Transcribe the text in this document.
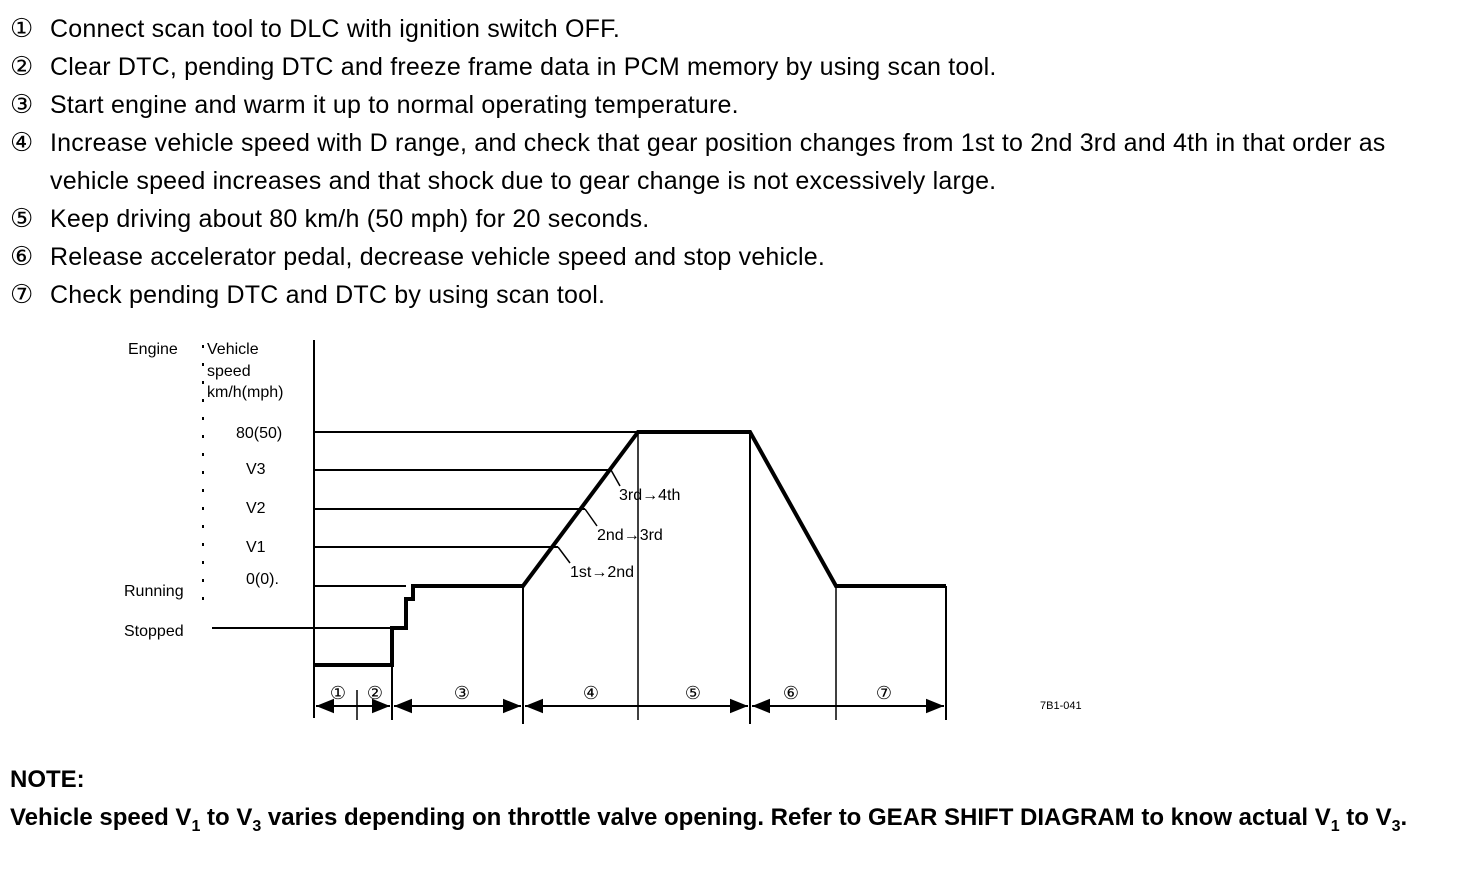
① Connect scan tool to DLC with ignition switch OFF.
② Clear DTC, pending DTC and freeze frame data in PCM memory by using scan tool.
③ Start engine and warm it up to normal operating temperature.
④ Increase vehicle speed with D range, and check that gear position changes from 1st to 2nd 3rd and 4th in that order as vehicle speed increases and that shock due to gear change is not excessively large.
⑤ Keep driving about 80 km/h (50 mph) for 20 seconds.
⑥ Release accelerator pedal, decrease vehicle speed and stop vehicle.
⑦ Check pending DTC and DTC by using scan tool.
Engine Vehicle
speed
km/h(mph)
80(50)
V3
V2
V1
0(0).
Running
Stopped
① ②	③	④	⑤	⑥	⑦
3rd→4th
2nd→3rd
1st→2nd
7B1-041
NOTE:
Vehicle speed $V_1$ to $V_3$ varies depending on throttle valve opening. Refer to GEAR SHIFT DIAGRAM to know actual $V_1$ to $V_3$.
